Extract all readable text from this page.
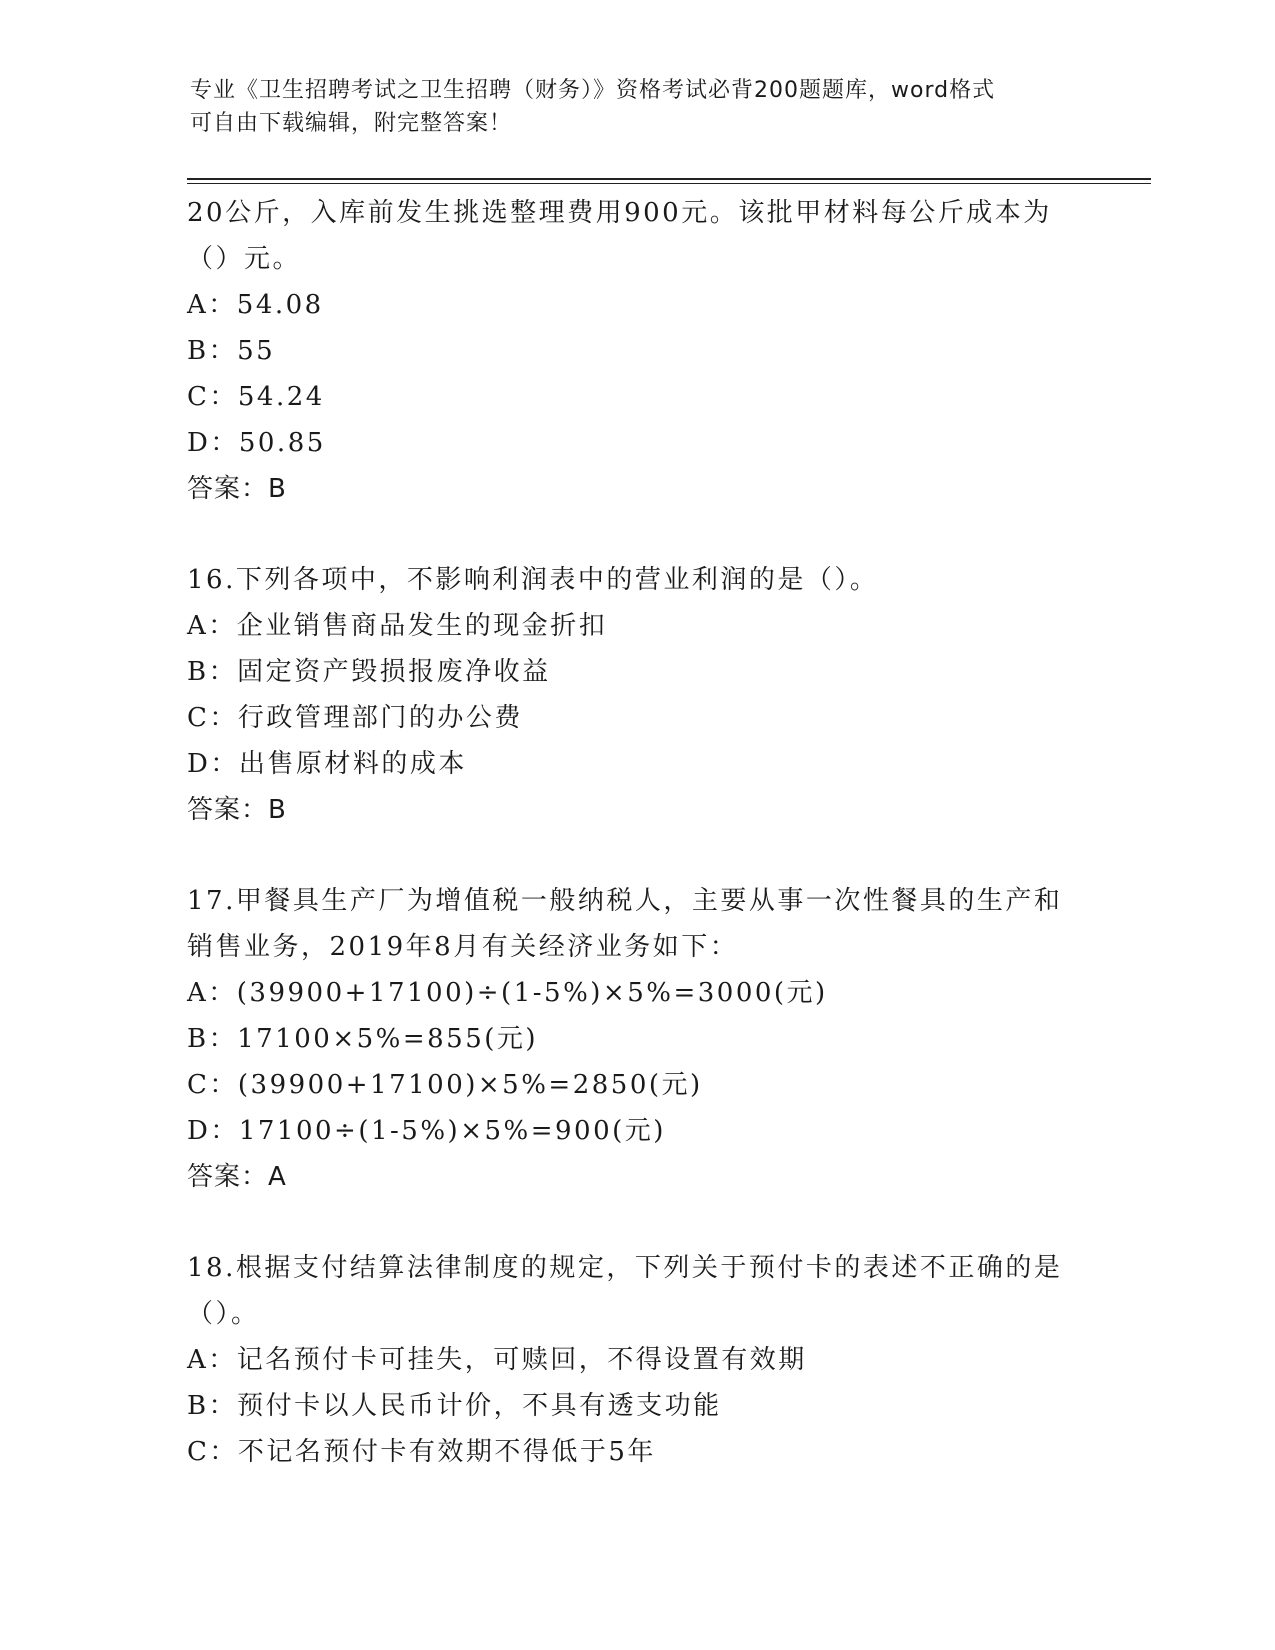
专业《卫生招聘考试之卫生招聘（财务）》资格考试必背200题题库，word格式
可自由下载编辑，附完整答案！
20公斤，入库前发生挑选整理费用900元。该批甲材料每公斤成本为
（）元。
A：54.08
B：55
C：54.24
D：50.85
答案：B
16.下列各项中，不影响利润表中的营业利润的是（）。
A：企业销售商品发生的现金折扣
B：固定资产毁损报废净收益
C：行政管理部门的办公费
D：出售原材料的成本
答案：B
17.甲餐具生产厂为增值税一般纳税人，主要从事一次性餐具的生产和
销售业务，2019年8月有关经济业务如下：
A：(39900+17100)÷(1-5%)×5%=3000(元)
B：17100×5%=855(元)
C：(39900+17100)×5%=2850(元)
D：17100÷(1-5%)×5%=900(元)
答案：A
18.根据支付结算法律制度的规定，下列关于预付卡的表述不正确的是
（）。
A：记名预付卡可挂失，可赎回，不得设置有效期
B：预付卡以人民币计价，不具有透支功能
C：不记名预付卡有效期不得低于5年
